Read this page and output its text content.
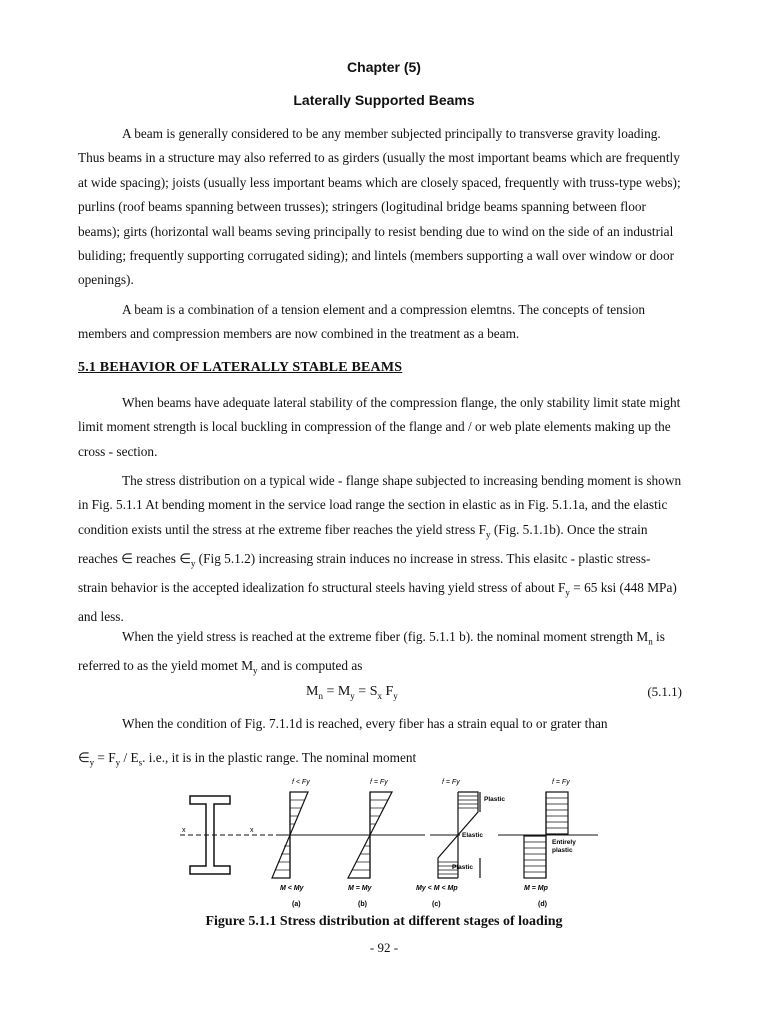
Chapter (5)
Laterally Supported Beams

A beam is generally considered to be any member subjected principally to transverse gravity loading. Thus beams in a structure may also referred to as girders (usually the most important beams which are frequently at wide spacing); joists (usually less important beams which are closely spaced, frequently with truss-type webs); purlins (roof beams spanning between trusses); stringers (logitudinal bridge beams spanning between floor beams); girts (horizontal wall beams seving principally to resist bending due to wind on the side of an industrial buliding; frequently supporting corrugated siding); and lintels (members supporting a wall over window or door openings).

A beam is a combination of a tension element and a compression elemtns. The concepts of tension members and compression members are now combined in the treatment as a beam.

5.1 BEHAVIOR OF LATERALLY STABLE BEAMS

When beams have adequate lateral stability of the compression flange, the only stability limit state might limit moment strength is local buckling in compression of the flange and / or web plate elements making up the cross - section.

The stress distribution on a typical wide - flange shape subjected to increasing bending moment is shown in Fig. 5.1.1 At bending moment in the service load range the section in elastic as in Fig. 5.1.1a, and the elastic condition exists until the stress at rhe extreme fiber reaches the yield stress $F_y$ (Fig. 5.1.1b). Once the strain reaches ∈ reaches $\in_y$ (Fig 5.1.2) increasing strain induces no increase in stress. This elasitc - plastic stress- strain behavior is the accepted idealization fo structural steels having yield stress of about $F_y = 65$ ksi (448 MPa) and less.

When the yield stress is reached at the extreme fiber (fig. 5.1.1 b). the nominal moment strength $M_n$ is referred to as the yield momet $M_y$ and is computed as

$M_n = M_y = S_x$ $F_y$	(5.1.1)

When the condition of Fig. 7.1.1d is reached, every fiber has a strain equal to or grater than

$\in_y = F_y / E_s$. i.e., it is in the plastic range. The nominal moment

x	x
Plastic
Plastic
Elastic
Entirely
plastic
f < Fy	f = Fy	f = Fy	f = Fy
M < My	M = My	My < M < Mp	M = Mp
(a)	(b)	(c)	(d)
Figure 5.1.1 Stress distribution at different stages of loading
- 92 -
